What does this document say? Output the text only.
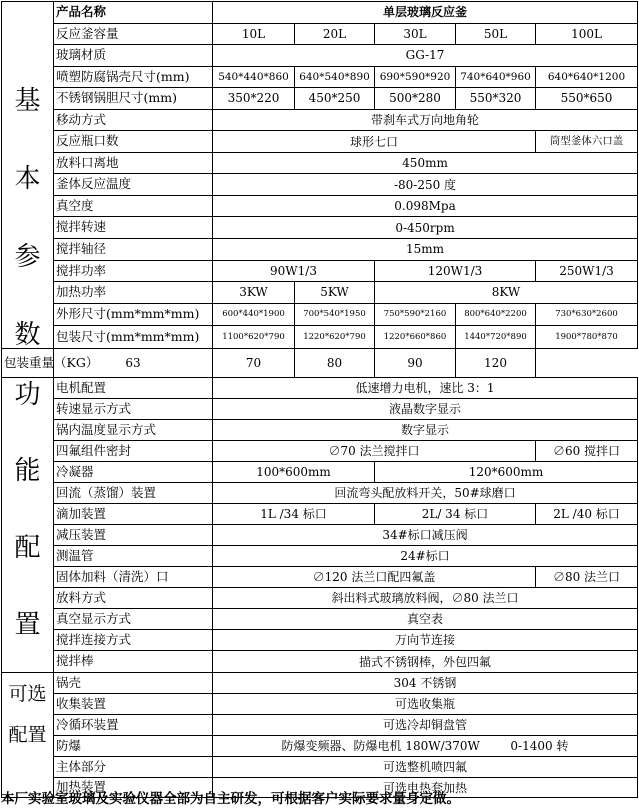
基
本
参
数	产品名称	单层玻璃反应釜				
	反应釜容量	10L	20L	30L	50L	100L
	玻璃材质	GG-17				
	喷塑防腐锅壳尺寸(mm)	540*440*860	640*540*890	690*590*920	740*640*960	640*640*1200
	不锈钢锅胆尺寸(mm)	350*220	450*250	500*280	550*320	550*650
	移动方式	带刹车式万向地角轮				
	反应瓶口数	球形七口				筒型釜体六口盖
	放料口离地	450mm				
	釜体反应温度	-80-250 度				
	真空度	0.098Mpa				
	搅拌转速	0-450rpm				
	搅拌轴径	15mm				
	搅拌功率	90W1/3		120W1/3		250W1/3
	加热功率	3KW	5KW	8KW		
	外形尺寸(mm*mm*mm)	600*440*1900	700*540*1950	750*590*2160	800*640*2200	730*630*2600
	包装尺寸(mm*mm*mm)	1100*620*790	1220*620*790	1220*660*860	1440*720*890	1900*780*870
包装重量（KG）	63	70	80	90	120	

功
能
配
置	电机配置	低速增力电机，速比 3：1				
	转速显示方式	液晶数字显示				
	锅内温度显示方式	数字显示				
	四氟组件密封	∅70 法兰搅拌口				∅60 搅拌口
	冷凝器	100*600mm		120*600mm		
	回流（蒸馏）装置	回流弯头配放料开关，50#球磨口				
	滴加装置	1L /34 标口		2L/ 34 标口		2L /40 标口
	减压装置	34#标口减压阀				
	测温管	24#标口				
	固体加料（清洗）口	∅120 法兰口配四氟盖				∅80 法兰口
	放料方式	斜出料式玻璃放料阀，∅80 法兰口				
	真空显示方式	真空表				
	搅拌连接方式	万向节连接				
	搅拌棒	描式不锈钢棒，外包四氟				

可选
配置	锅壳	304 不锈钢				
	收集装置	可选收集瓶				
	冷循环装置	可选冷却铜盘管				
	防爆	防爆变频器、防爆电机 180W/370W        0-1400 转				
	主体部分	可选整机喷四氟				
	加热装置	可选电热套加热				
本厂实验室玻璃及实验仪器全部为自主研发，可根据客户实际要求量身定做。
